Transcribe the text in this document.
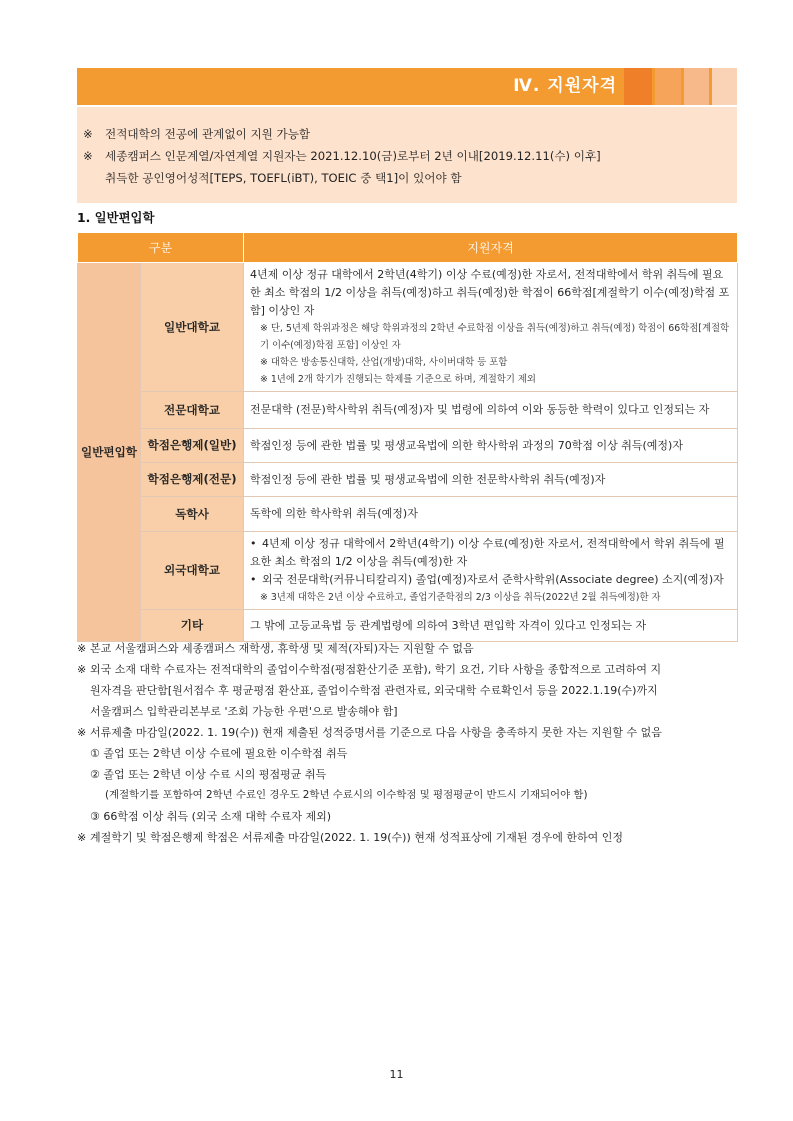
Ⅳ. 지원자격
※ 전적대학의 전공에 관계없이 지원 가능함
※ 세종캠퍼스 인문계열/자연계열 지원자는 2021.12.10(금)로부터 2년 이내[2019.12.11(수) 이후]
취득한 공인영어성적[TEPS, TOEFL(iBT), TOEIC 중 택1]이 있어야 함
1. 일반편입학
구분		지원자격
일반편입학	일반대학교	4년제 이상 정규 대학에서 2학년(4학기) 이상 수료(예정)한 자로서, 전적대학에서 학위 취득에 필요한 최소 학점의 1/2 이상을 취득(예정)하고 취득(예정)한 학점이 66학점[계절학기 이수(예정)학점 포함] 이상인 자
※ 단, 5년제 학위과정은 해당 학위과정의 2학년 수료학점 이상을 취득(예정)하고 취득(예정) 학점이 66학점[계절학기 이수(예정)학점 포함] 이상인 자
※ 대학은 방송통신대학, 산업(개방)대학, 사이버대학 등 포함
※ 1년에 2개 학기가 진행되는 학제를 기준으로 하며, 계절학기 제외

	전문대학교	전문대학 (전문)학사학위 취득(예정)자 및 법령에 의하여 이와 동등한 학력이 있다고 인정되는 자

	학점은행제(일반)	학점인정 등에 관한 법률 및 평생교육법에 의한 학사학위 과정의 70학점 이상 취득(예정)자

	학점은행제(전문)	학점인정 등에 관한 법률 및 평생교육법에 의한 전문학사학위 취득(예정)자

	독학사	독학에 의한 학사학위 취득(예정)자

	외국대학교	• 4년제 이상 정규 대학에서 2학년(4학기) 이상 수료(예정)한 자로서, 전적대학에서 학위 취득에 필요한 최소 학점의 1/2 이상을 취득(예정)한 자
• 외국 전문대학(커뮤니티칼리지) 졸업(예정)자로서 준학사학위(Associate degree) 소지(예정)자
※ 3년제 대학은 2년 이상 수료하고, 졸업기준학점의 2/3 이상을 취득(2022년 2월 취득예정)한 자

	기타	그 밖에 고등교육법 등 관계법령에 의하여 3학년 편입학 자격이 있다고 인정되는 자
※ 본교 서울캠퍼스와 세종캠퍼스 재학생, 휴학생 및 제적(자퇴)자는 지원할 수 없음
※ 외국 소재 대학 수료자는 전적대학의 졸업이수학점(평점환산기준 포함), 학기 요건, 기타 사항을 종합적으로 고려하여 지
원자격을 판단함[원서접수 후 평균평점 환산표, 졸업이수학점 관련자료, 외국대학 수료확인서 등을 2022.1.19(수)까지
서울캠퍼스 입학관리본부로 '조회 가능한 우편'으로 발송해야 함]
※ 서류제출 마감일(2022. 1. 19(수)) 현재 제출된 성적증명서를 기준으로 다음 사항을 충족하지 못한 자는 지원할 수 없음
① 졸업 또는 2학년 이상 수료에 필요한 이수학점 취득
② 졸업 또는 2학년 이상 수료 시의 평점평균 취득
(계절학기를 포함하여 2학년 수료인 경우도 2학년 수료시의 이수학점 및 평점평균이 반드시 기재되어야 함)
③ 66학점 이상 취득 (외국 소재 대학 수료자 제외)
※ 계절학기 및 학점은행제 학점은 서류제출 마감일(2022. 1. 19(수)) 현재 성적표상에 기재된 경우에 한하여 인정
11
